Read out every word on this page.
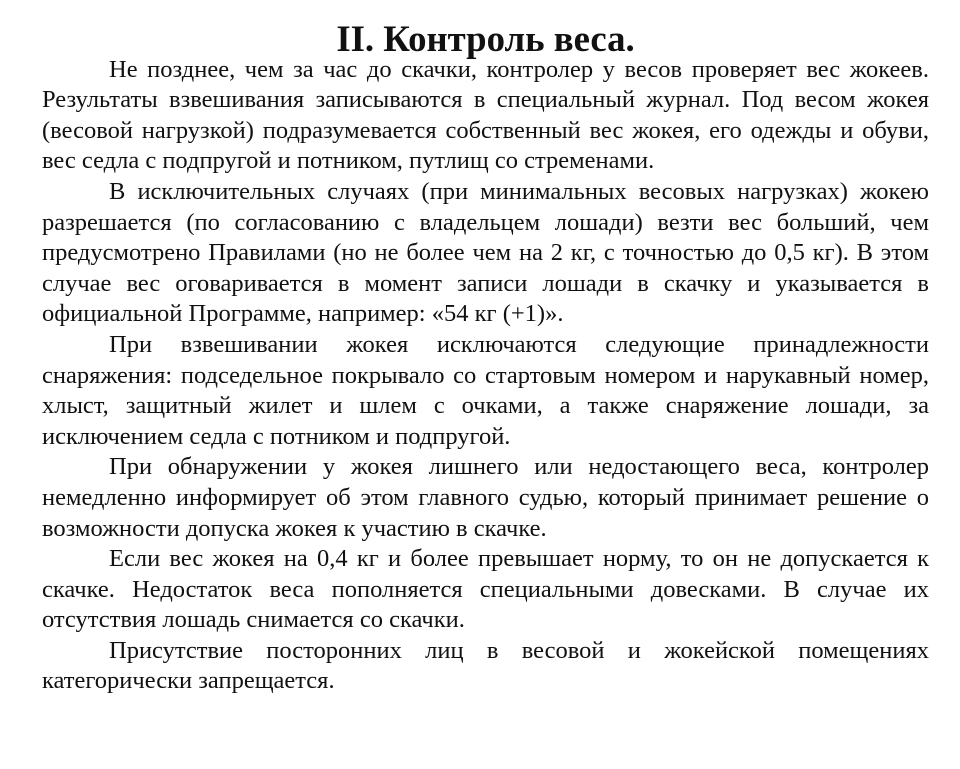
II. Контроль веса.

Не позднее, чем за час до скачки, контролер у весов проверяет вес жокеев. Результаты взвешивания записываются в специальный журнал. Под весом жокея (весовой нагрузкой) подразумевается собственный вес жокея, его одежды и обуви, вес седла с подпругой и потником, путлищ со стременами.

В исключительных случаях (при минимальных весовых нагрузках) жокею разрешается (по согласованию с владельцем лошади) везти вес больший, чем предусмотрено Правилами (но не более чем на 2 кг, с точностью до 0,5 кг). В этом случае вес оговаривается в момент записи лошади в скачку и указывается в официальной Программе, например: «54 кг (+1)».

При взвешивании жокея исключаются следующие принадлежности снаряжения: подседельное покрывало со стартовым номером и нарукавный номер, хлыст, защитный жилет и шлем с очками, а также снаряжение лошади, за исключением седла с потником и подпругой.

При обнаружении у жокея лишнего или недостающего веса, контролер немедленно информирует об этом главного судью, который принимает решение о возможности допуска жокея к участию в скачке.

Если вес жокея на 0,4 кг и более превышает норму, то он не допускается к скачке. Недостаток веса пополняется специальными довесками. В случае их отсутствия лошадь снимается со скачки.

Присутствие посторонних лиц в весовой и жокейской помещениях категорически запрещается.
